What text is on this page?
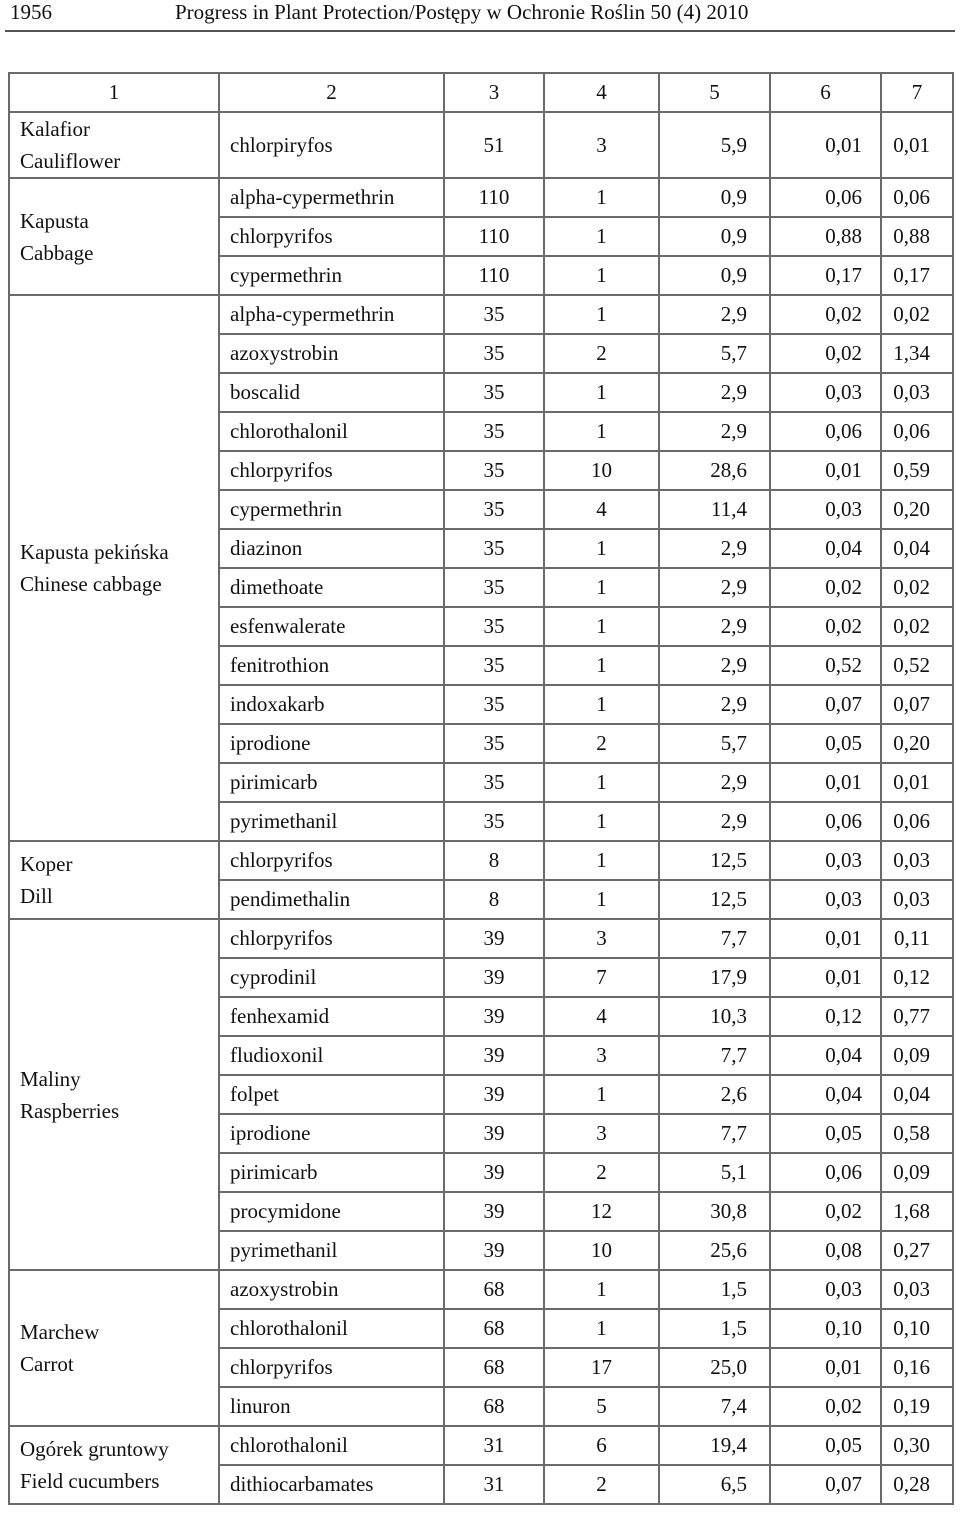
1956	Progress in Plant Protection/Postępy w Ochronie Roślin 50 (4) 2010
1	2	3	4	5	6	7

Kalafior
Cauliflower	chlorpiryfos	51	3	5,9	0,01	0,01

Kapusta
Cabbage	alpha-cypermethrin	110	1	0,9	0,06	0,06
	chlorpyrifos	110	1	0,9	0,88	0,88
	cypermethrin	110	1	0,9	0,17	0,17

Kapusta pekińska
Chinese cabbage	alpha-cypermethrin	35	1	2,9	0,02	0,02
	azoxystrobin	35	2	5,7	0,02	1,34
	boscalid	35	1	2,9	0,03	0,03
	chlorothalonil	35	1	2,9	0,06	0,06
	chlorpyrifos	35	10	28,6	0,01	0,59
	cypermethrin	35	4	11,4	0,03	0,20
	diazinon	35	1	2,9	0,04	0,04
	dimethoate	35	1	2,9	0,02	0,02
	esfenwalerate	35	1	2,9	0,02	0,02
	fenitrothion	35	1	2,9	0,52	0,52
	indoxakarb	35	1	2,9	0,07	0,07
	iprodione	35	2	5,7	0,05	0,20
	pirimicarb	35	1	2,9	0,01	0,01
	pyrimethanil	35	1	2,9	0,06	0,06

Koper
Dill	chlorpyrifos	8	1	12,5	0,03	0,03
	pendimethalin	8	1	12,5	0,03	0,03

Maliny
Raspberries	chlorpyrifos	39	3	7,7	0,01	0,11
	cyprodinil	39	7	17,9	0,01	0,12
	fenhexamid	39	4	10,3	0,12	0,77
	fludioxonil	39	3	7,7	0,04	0,09
	folpet	39	1	2,6	0,04	0,04
	iprodione	39	3	7,7	0,05	0,58
	pirimicarb	39	2	5,1	0,06	0,09
	procymidone	39	12	30,8	0,02	1,68
	pyrimethanil	39	10	25,6	0,08	0,27

Marchew
Carrot	azoxystrobin	68	1	1,5	0,03	0,03
	chlorothalonil	68	1	1,5	0,10	0,10
	chlorpyrifos	68	17	25,0	0,01	0,16
	linuron	68	5	7,4	0,02	0,19

Ogórek gruntowy
Field cucumbers	chlorothalonil	31	6	19,4	0,05	0,30
	dithiocarbamates	31	2	6,5	0,07	0,28
